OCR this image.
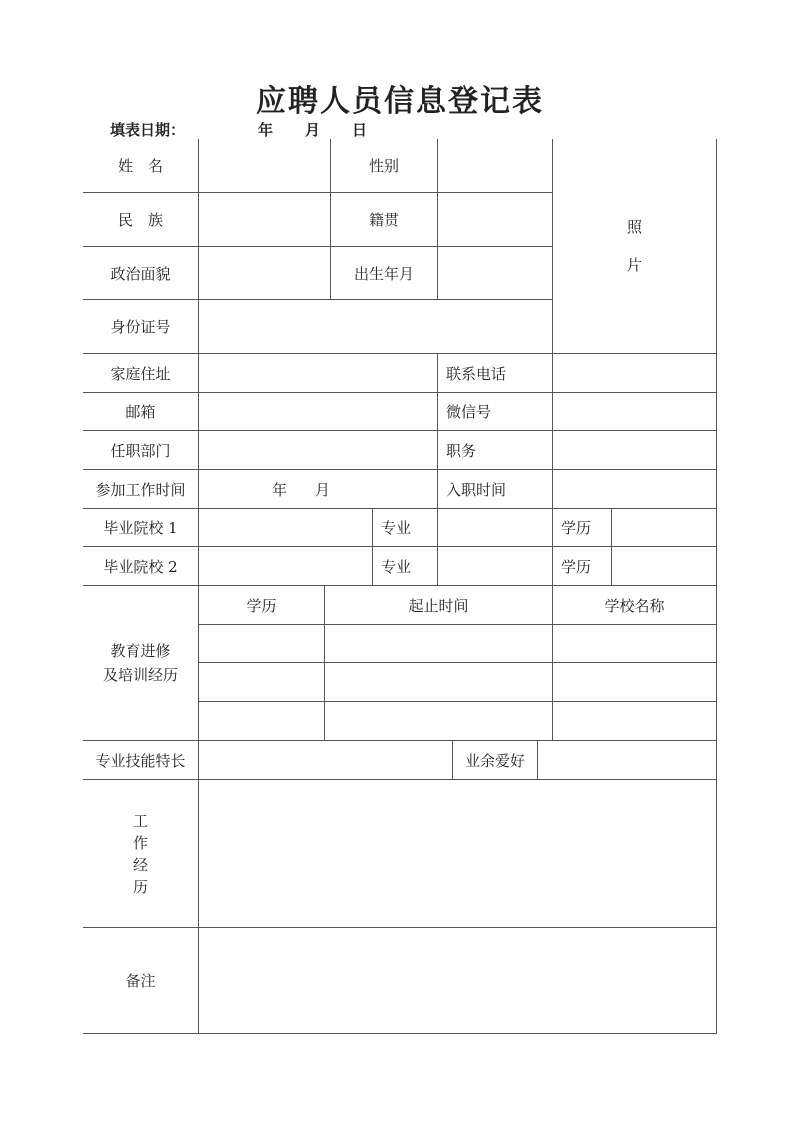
应聘人员信息登记表
填表日期：	年 月 日
姓　名	性别
照
片
民　族	籍贯
政治面貌	出生年月
身份证号
家庭住址	联系电话
邮箱	微信号
任职部门	职务
参加工作时间	年 月	入职时间
毕业院校 1	专业	学历
毕业院校 2	专业	学历
教育进修
及培训经历
学历	起止时间	学校名称
专业技能特长	业余爱好
工
作
经
历
备注
